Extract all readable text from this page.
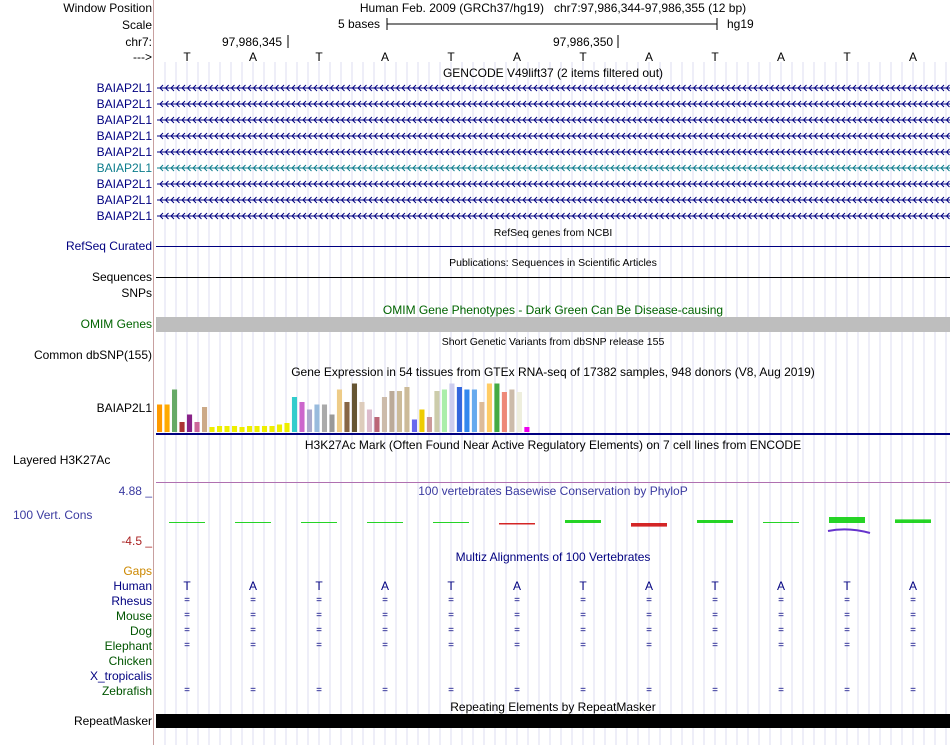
Window Position	Human Feb. 2009 (GRCh37/hg19) chr7:97,986,344-97,986,355 (12 bp)
Scale	5 bases	hg19
chr7:	97,986,345	97,986,350
--->	T	A	T	A	T	A	T	A	T	A	T	A
GENCODE V49lift37 (2 items filtered out)
BAIAP2L1
BAIAP2L1
BAIAP2L1
BAIAP2L1
BAIAP2L1
BAIAP2L1
BAIAP2L1
BAIAP2L1
BAIAP2L1
RefSeq genes from NCBI
RefSeq Curated
Publications: Sequences in Scientific Articles
Sequences
SNPs
OMIM Gene Phenotypes - Dark Green Can Be Disease-causing
OMIM Genes
Short Genetic Variants from dbSNP release 155
Common dbSNP(155)
Gene Expression in 54 tissues from GTEx RNA-seq of 17382 samples, 948 donors (V8, Aug 2019)
BAIAP2L1
H3K27Ac Mark (Often Found Near Active Regulatory Elements) on 7 cell lines from ENCODE
Layered H3K27Ac
100 vertebrates Basewise Conservation by PhyloP
4.88 _
100 Vert. Cons
-4.5 _
Multiz Alignments of 100 Vertebrates
Gaps
Human	T	A	T	A	T	A	T	A	T	A	T	A
Rhesus	=	=	=	=	=	=	=	=	=	=	=	=
Mouse	=	=	=	=	=	=	=	=	=	=	=	=
Dog	=	=	=	=	=	=	=	=	=	=	=	=
Elephant	=	=	=	=	=	=	=	=	=	=	=	=
Chicken
X_tropicalis
Zebrafish	=	=	=	=	=	=	=	=	=	=	=	=
Repeating Elements by RepeatMasker
RepeatMasker
